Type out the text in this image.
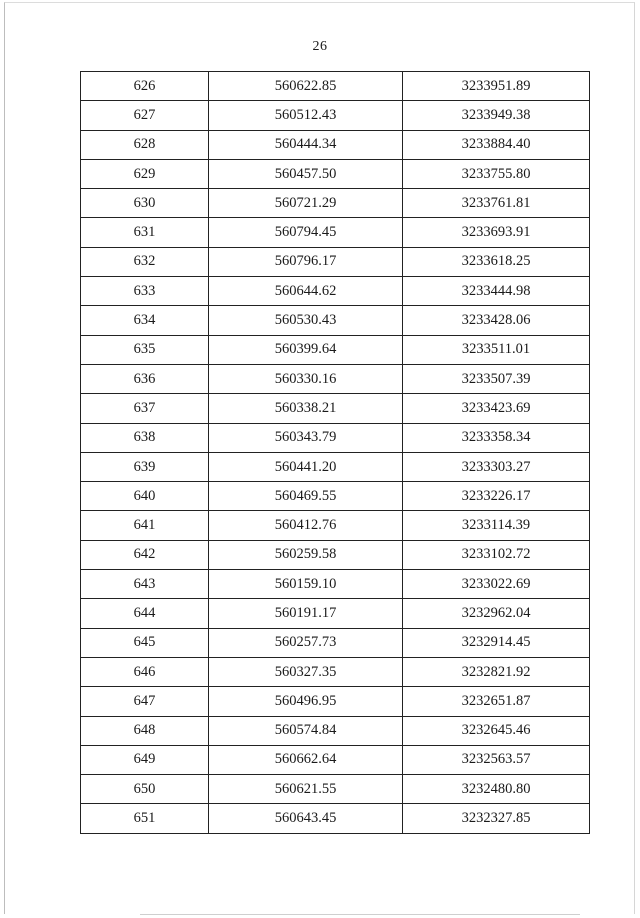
26
626	560622.85	3233951.89
627	560512.43	3233949.38
628	560444.34	3233884.40
629	560457.50	3233755.80
630	560721.29	3233761.81
631	560794.45	3233693.91
632	560796.17	3233618.25
633	560644.62	3233444.98
634	560530.43	3233428.06
635	560399.64	3233511.01
636	560330.16	3233507.39
637	560338.21	3233423.69
638	560343.79	3233358.34
639	560441.20	3233303.27
640	560469.55	3233226.17
641	560412.76	3233114.39
642	560259.58	3233102.72
643	560159.10	3233022.69
644	560191.17	3232962.04
645	560257.73	3232914.45
646	560327.35	3232821.92
647	560496.95	3232651.87
648	560574.84	3232645.46
649	560662.64	3232563.57
650	560621.55	3232480.80
651	560643.45	3232327.85
